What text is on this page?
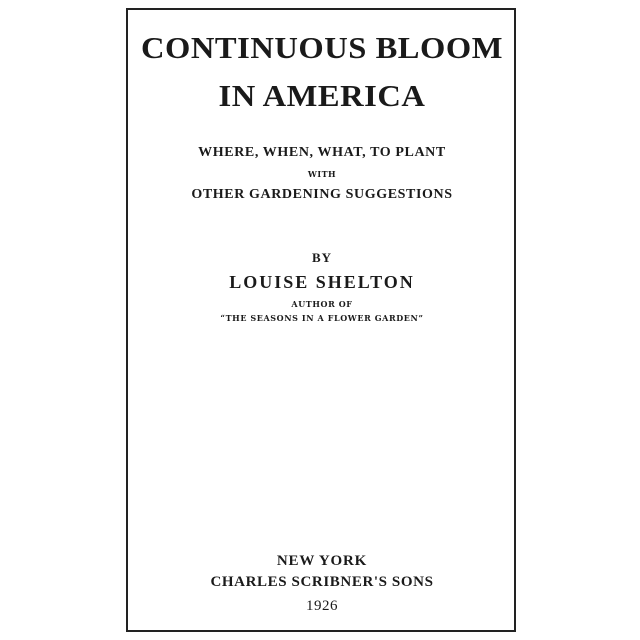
CONTINUOUS BLOOM
IN AMERICA
WHERE, WHEN, WHAT, TO PLANT
WITH
OTHER GARDENING SUGGESTIONS
BY
LOUISE SHELTON
AUTHOR OF
“THE SEASONS IN A FLOWER GARDEN”
NEW YORK
CHARLES SCRIBNER'S SONS
1926
